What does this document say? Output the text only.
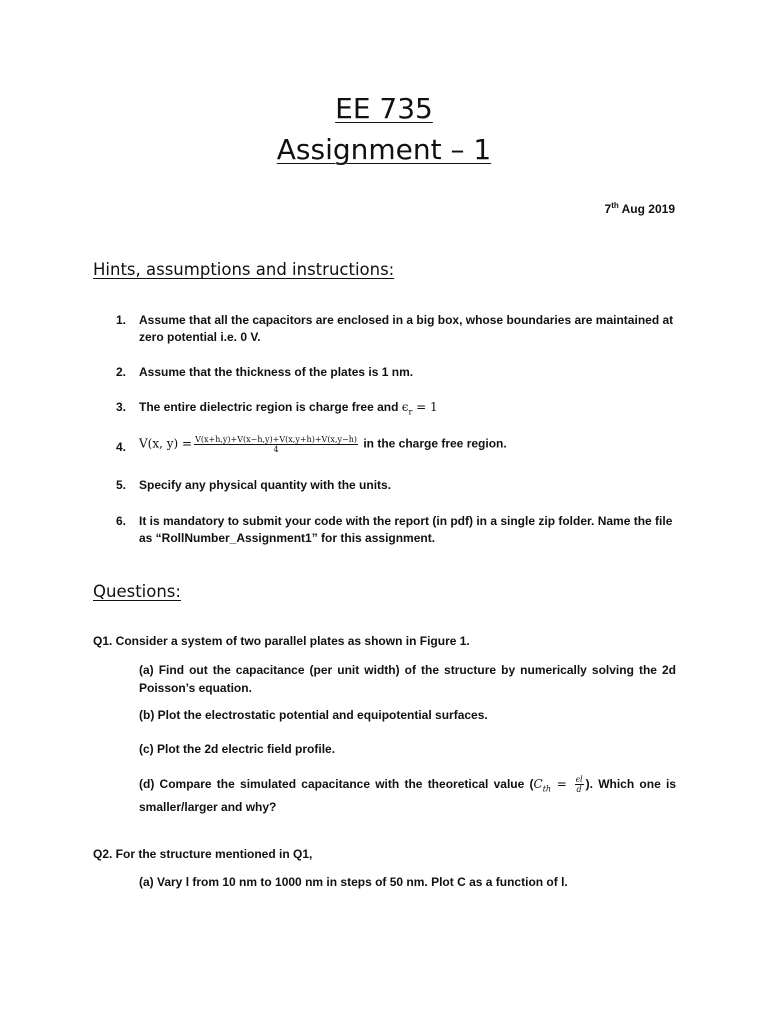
EE 735
Assignment – 1
7th Aug 2019
Hints, assumptions and instructions:
1. Assume that all the capacitors are enclosed in a big box, whose boundaries are maintained at zero potential i.e. 0 V.
2. Assume that the thickness of the plates is 1 nm.
3. The entire dielectric region is charge free and $\epsilon_r = 1$
4. V(x, $y) = \frac{V(x+h,y)+V(x-h,y)+V(x,y+h)+V(x,y-h)}{4}$ in the charge free region.
5. Specify any physical quantity with the units.
6. It is mandatory to submit your code with the report (in pdf) in a single zip folder. Name the file as “RollNumber_Assignment1” for this assignment.
Questions:
Q1. Consider a system of two parallel plates as shown in Figure 1.
(a) Find out the capacitance (per unit width) of the structure by numerically solving the 2d Poisson’s equation.
(b) Plot the electrostatic potential and equipotential surfaces.
(c) Plot the 2d electric field profile.
(d) Compare the simulated capacitance with the theoretical value ($C_{th} = \frac{\epsilon l}{d}$ ). Which one is smaller/larger and why?
Q2. For the structure mentioned in Q1,
(a) Vary l from 10 nm to 1000 nm in steps of 50 nm. Plot C as a function of l.
